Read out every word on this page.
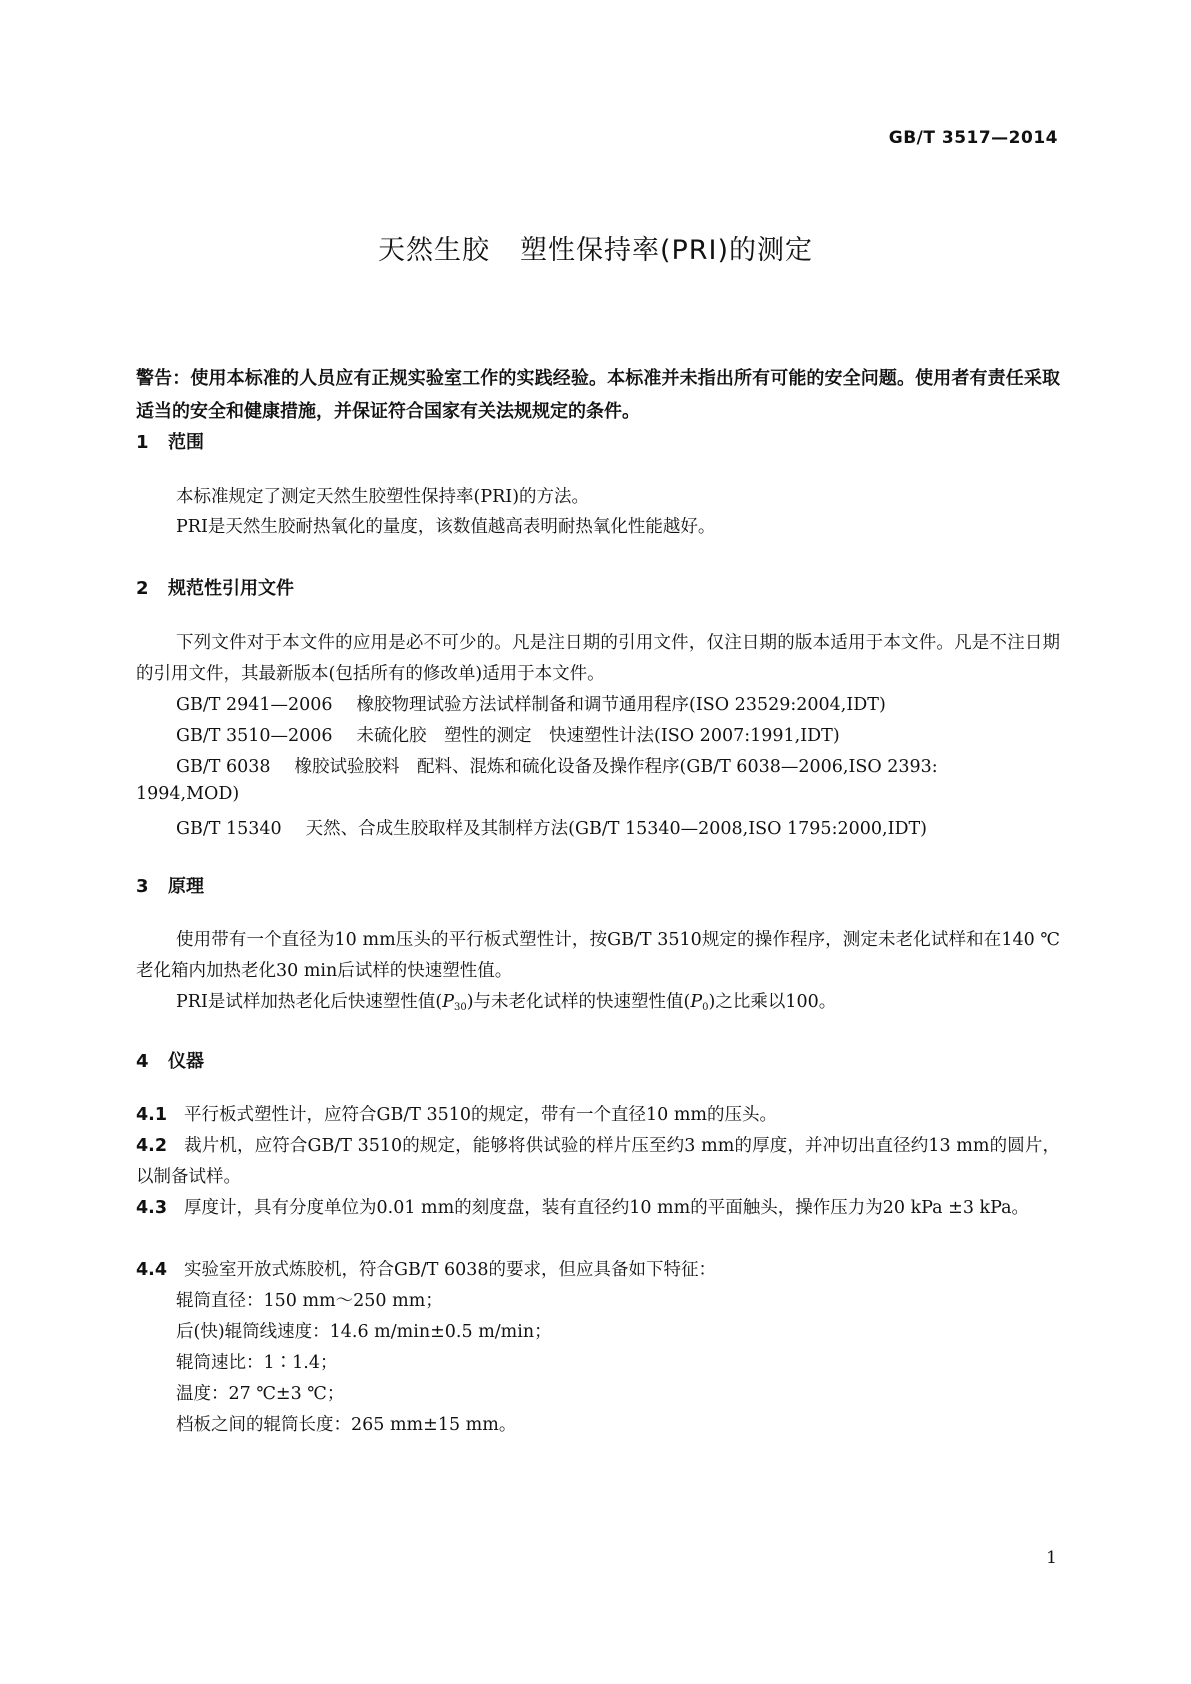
GB/T 3517—2014
天然生胶 塑性保持率(PRI)的测定
警告：使用本标准的人员应有正规实验室工作的实践经验。本标准并未指出所有可能的安全问题。使用者有责任采取适当的安全和健康措施，并保证符合国家有关法规规定的条件。
1 范围
本标准规定了测定天然生胶塑性保持率(PRI)的方法。
PRI是天然生胶耐热氧化的量度，该数值越高表明耐热氧化性能越好。
2 规范性引用文件
下列文件对于本文件的应用是必不可少的。凡是注日期的引用文件，仅注日期的版本适用于本文件。凡是不注日期的引用文件，其最新版本(包括所有的修改单)适用于本文件。
GB/T 2941—2006 橡胶物理试验方法试样制备和调节通用程序(ISO 23529:2004,IDT)
GB/T 3510—2006 未硫化胶　塑性的测定　快速塑性计法(ISO 2007:1991,IDT)
GB/T 6038 橡胶试验胶料　配料、混炼和硫化设备及操作程序(GB/T 6038—2006,ISO 2393:
1994,MOD)
GB/T 15340 天然、合成生胶取样及其制样方法(GB/T 15340—2008,ISO 1795:2000,IDT)
3 原理
使用带有一个直径为10 mm压头的平行板式塑性计，按GB/T 3510规定的操作程序，测定未老化试样和在140 ℃老化箱内加热老化30 min后试样的快速塑性值。
PRI是试样加热老化后快速塑性值$(P_{30})$与未老化试样的快速塑性值$(P_0)$之比乘以100。
4 仪器
4.1 平行板式塑性计，应符合GB/T 3510的规定，带有一个直径10 mm的压头。
4.2 裁片机，应符合GB/T 3510的规定，能够将供试验的样片压至约3 mm的厚度，并冲切出直径约13 mm的圆片，以制备试样。
4.3 厚度计，具有分度单位为0.01 mm的刻度盘，装有直径约10 mm的平面触头，操作压力为20 kPa ±3 kPa。
4.4 实验室开放式炼胶机，符合GB/T 6038的要求，但应具备如下特征：
辊筒直径：150 mm～250 mm；
后(快)辊筒线速度：14.6 m/min±0.5 m/min；
辊筒速比：1∶1.4；
温度：27 ℃±3 ℃；
档板之间的辊筒长度：265 mm±15 mm。
1
